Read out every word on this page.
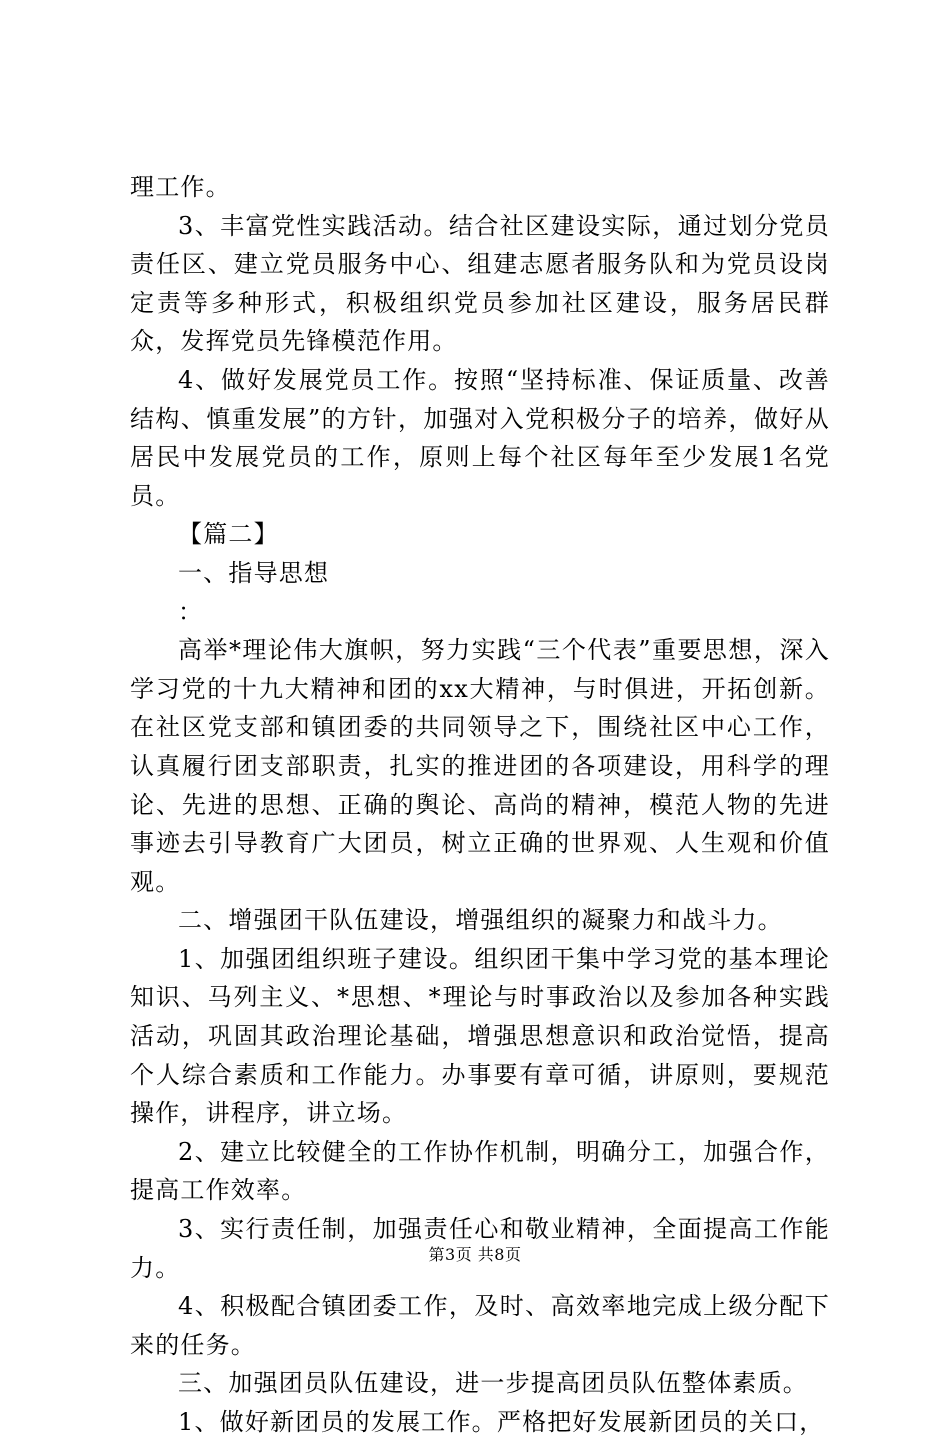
理工作。

3、丰富党性实践活动。结合社区建设实际，通过划分党员责任区、建立党员服务中心、组建志愿者服务队和为党员设岗定责等多种形式，积极组织党员参加社区建设，服务居民群众，发挥党员先锋模范作用。

4、做好发展党员工作。按照“坚持标准、保证质量、改善结构、慎重发展”的方针，加强对入党积极分子的培养，做好从居民中发展党员的工作，原则上每个社区每年至少发展1名党员。

【篇二】

一、指导思想

：

高举*理论伟大旗帜，努力实践“三个代表”重要思想，深入学习党的十九大精神和团的xx大精神，与时俱进，开拓创新。在社区党支部和镇团委的共同领导之下，围绕社区中心工作，认真履行团支部职责，扎实的推进团的各项建设，用科学的理论、先进的思想、正确的舆论、高尚的精神，模范人物的先进事迹去引导教育广大团员，树立正确的世界观、人生观和价值观。

二、增强团干队伍建设，增强组织的凝聚力和战斗力。

1、加强团组织班子建设。组织团干集中学习党的基本理论知识、马列主义、*思想、*理论与时事政治以及参加各种实践活动，巩固其政治理论基础，增强思想意识和政治觉悟，提高个人综合素质和工作能力。办事要有章可循，讲原则，要规范操作，讲程序，讲立场。

2、建立比较健全的工作协作机制，明确分工，加强合作，提高工作效率。

3、实行责任制，加强责任心和敬业精神，全面提高工作能力。

4、积极配合镇团委工作，及时、高效率地完成上级分配下来的任务。

三、加强团员队伍建设，进一步提高团员队伍整体素质。

1、做好新团员的发展工作。严格把好发展新团员的关口，

第3页 共8页
